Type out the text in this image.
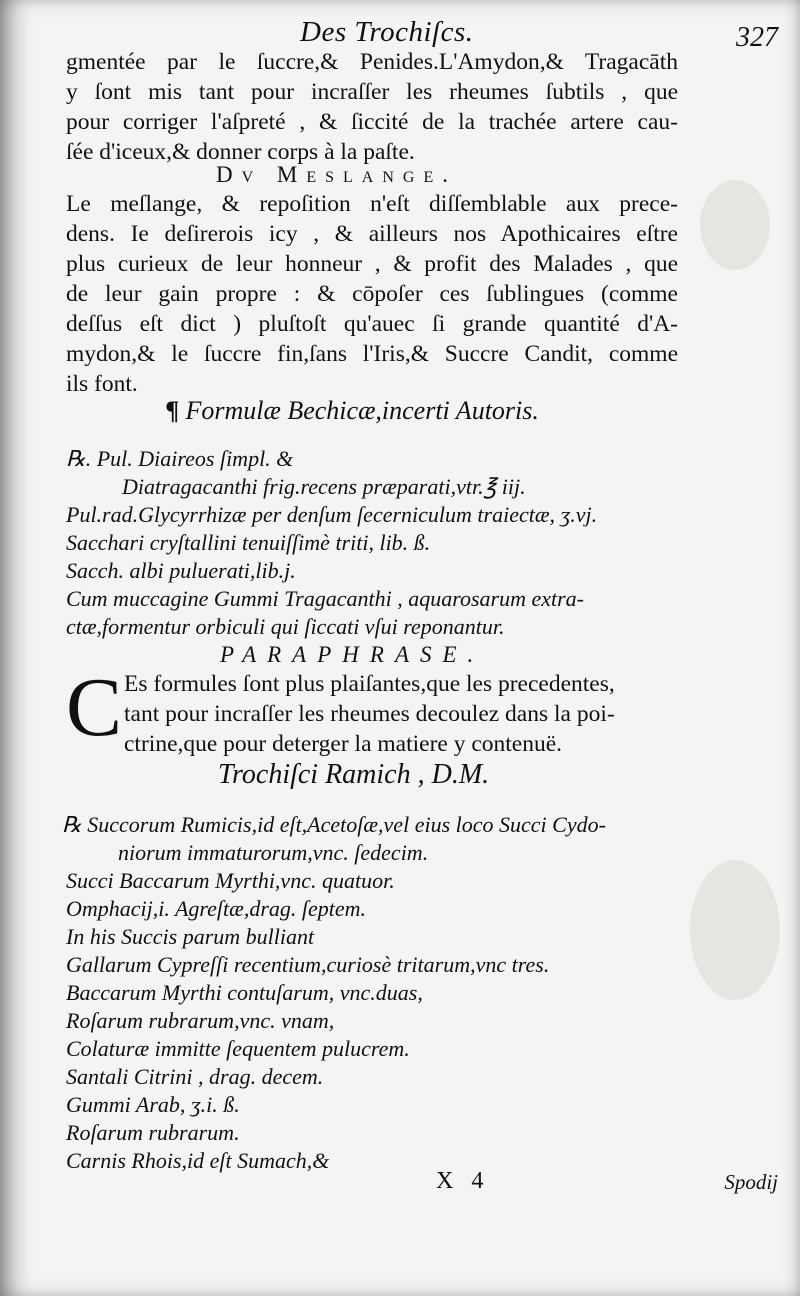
Des Trochiſcs.	327
gmentée par le ſuccre,& Penides.L'Amydon,& Tragacāth
y ſont mis tant pour incraſſer les rheumes ſubtils , que
pour corriger l'aſpreté , & ſiccité de la trachée artere cau-
ſée d'iceux,& donner corps à la paſte.
Dv Meslange.
Le meſlange, & repoſition n'eſt diſſemblable aux prece-
dens. Ie deſirerois icy , & ailleurs nos Apothicaires eſtre
plus curieux de leur honneur , & profit des Malades , que
de leur gain propre : & cōpoſer ces ſublingues (comme
deſſus eſt dict ) pluſtoſt qu'auec ſi grande quantité d'A-
mydon,& le ſuccre fin,ſans l'Iris,& Succre Candit, comme
ils font.
¶ Formulæ Bechicæ,incerti Autoris.
℞. Pul. Diaireos ſimpl. &
Diatragacanthi frig.recens præparati,vtr.℥ iij.
Pul.rad.Glycyrrhizæ per denſum ſecerniculum traiectæ, ʒ.vj.
Sacchari cryſtallini tenuiſſimè triti, lib. ß.
Sacch. albi puluerati,lib.j.
Cum muccagine Gummi Tragacanthi , aquarosarum extra-
ctæ,formentur orbiculi qui ſiccati vſui reponantur.
PARAPHRASE.
C Es formules ſont plus plaiſantes,que les precedentes,
tant pour incraſſer les rheumes decoulez dans la poi-
ctrine,que pour deterger la matiere y contenuë.
Trochiſci Ramich , D.M.
℞ Succorum Rumicis,id eſt,Acetoſæ,vel eius loco Succi Cydo-
niorum immaturorum,vnc. ſedecim.
Succi Baccarum Myrthi,vnc. quatuor.
Omphacij,i. Agreſtæ,drag. ſeptem.
In his Succis parum bulliant
Gallarum Cypreſſi recentium,curiosè tritarum,vnc tres.
Baccarum Myrthi contuſarum, vnc.duas,
Roſarum rubrarum,vnc. vnam,
Colaturæ immitte ſequentem pulucrem.
Santali Citrini , drag. decem.
Gummi Arab, ʒ.i. ß.
Roſarum rubrarum.
Carnis Rhois,id eſt Sumach,&
X 4	Spodij
